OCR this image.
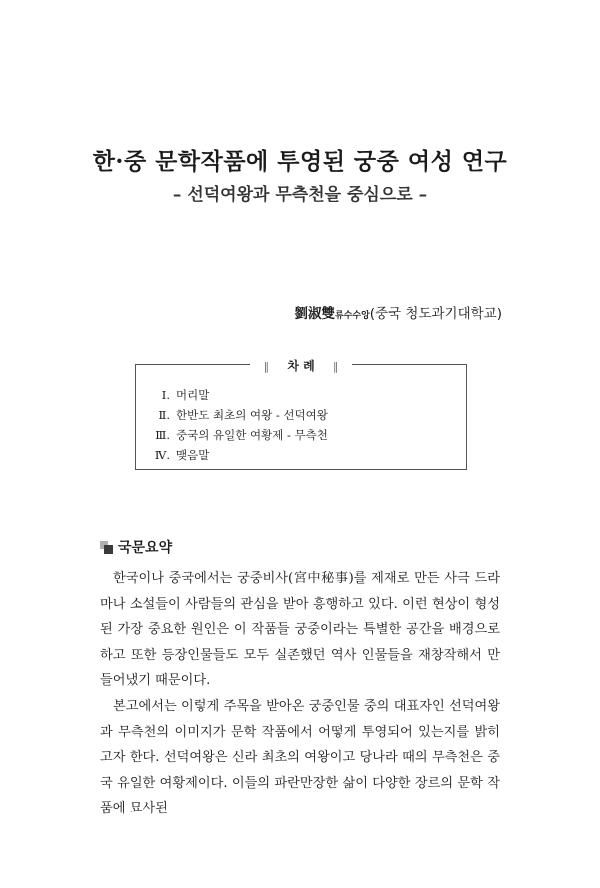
한·중 문학작품에 투영된 궁중 여성 연구
– 선덕여왕과 무측천을 중심으로 –
劉淑雙류수수앙(중국 청도과기대학교)
‖ 차 례 ‖
Ⅰ. 머리말
Ⅱ. 한반도 최초의 여왕 - 선덕여왕
Ⅲ. 중국의 유일한 여황제 - 무측천
Ⅳ. 맺음말
국문요약

한국이나 중국에서는 궁중비사(宮中秘事)를 제재로 만든 사극 드라마나 소설들이 사람들의 관심을 받아 흥행하고 있다. 이런 현상이 형성된 가장 중요한 원인은 이 작품들 궁중이라는 특별한 공간을 배경으로 하고 또한 등장인물들도 모두 실존했던 역사 인물들을 재창작해서 만들어냈기 때문이다.

본고에서는 이렇게 주목을 받아온 궁중인물 중의 대표자인 선덕여왕과 무측천의 이미지가 문학 작품에서 어떻게 투영되어 있는지를 밝히고자 한다. 선덕여왕은 신라 최초의 여왕이고 당나라 때의 무측천은 중국 유일한 여황제이다. 이들의 파란만장한 삶이 다양한 장르의 문학 작품에 묘사된
